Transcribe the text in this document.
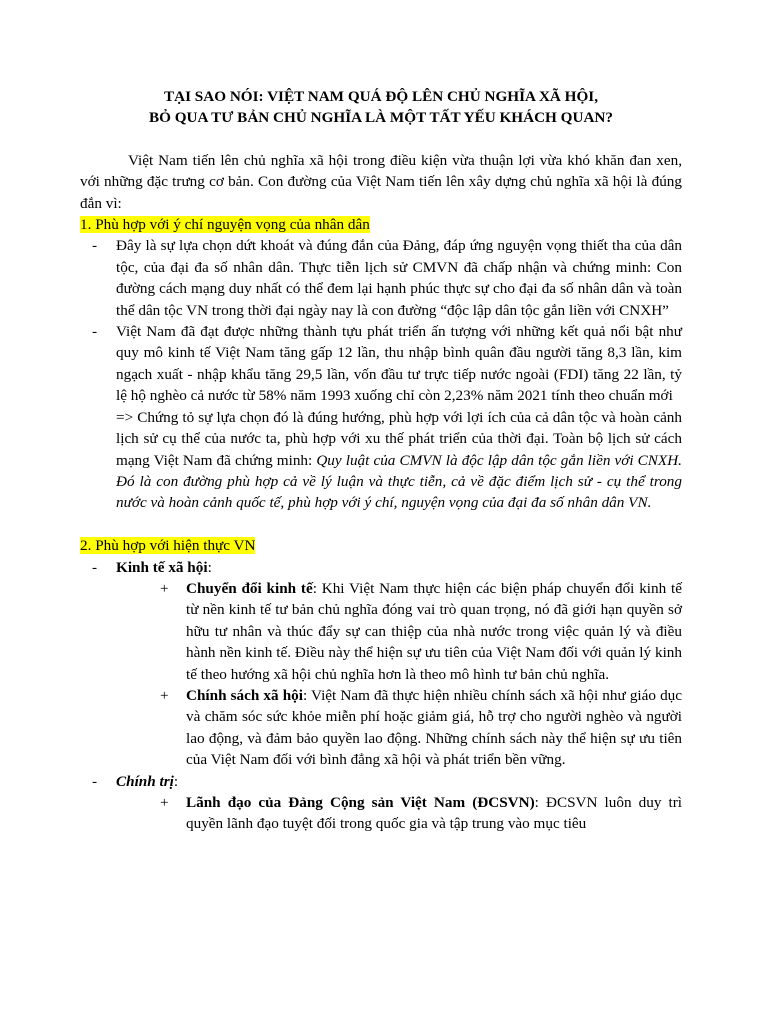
TẠI SAO NÓI: VIỆT NAM QUÁ ĐỘ LÊN CHỦ NGHĨA XÃ HỘI,
BỎ QUA TƯ BẢN CHỦ NGHĨA LÀ MỘT TẤT YẾU KHÁCH QUAN?

Việt Nam tiến lên chủ nghĩa xã hội trong điều kiện vừa thuận lợi vừa khó khăn đan xen, với những đặc trưng cơ bản. Con đường của Việt Nam tiến lên xây dựng chủ nghĩa xã hội là đúng đắn vì:

1. Phù hợp với ý chí nguyện vọng của nhân dân
- Đây là sự lựa chọn dứt khoát và đúng đắn của Đảng, đáp ứng nguyện vọng thiết tha của dân tộc, của đại đa số nhân dân. Thực tiễn lịch sử CMVN đã chấp nhận và chứng minh: Con đường cách mạng duy nhất có thể đem lại hạnh phúc thực sự cho đại đa số nhân dân và toàn thể dân tộc VN trong thời đại ngày nay là con đường “độc lập dân tộc gắn liền với CNXH”
- Việt Nam đã đạt được những thành tựu phát triển ấn tượng với những kết quả nổi bật như quy mô kinh tế Việt Nam tăng gấp 12 lần, thu nhập bình quân đầu người tăng 8,3 lần, kim ngạch xuất - nhập khẩu tăng 29,5 lần, vốn đầu tư trực tiếp nước ngoài (FDI) tăng 22 lần, tỷ lệ hộ nghèo cả nước từ 58% năm 1993 xuống chỉ còn 2,23% năm 2021 tính theo chuẩn mới
=> Chứng tỏ sự lựa chọn đó là đúng hướng, phù hợp với lợi ích của cả dân tộc và hoàn cảnh lịch sử cụ thể của nước ta, phù hợp với xu thế phát triển của thời đại. Toàn bộ lịch sử cách mạng Việt Nam đã chứng minh: Quy luật của CMVN là độc lập dân tộc gắn liền với CNXH. Đó là con đường phù hợp cả về lý luận và thực tiễn, cả về đặc điểm lịch sử - cụ thể trong nước và hoàn cảnh quốc tế, phù hợp với ý chí, nguyện vọng của đại đa số nhân dân VN.
2. Phù hợp với hiện thực VN
- Kinh tế xã hội:
+ Chuyển đổi kinh tế: Khi Việt Nam thực hiện các biện pháp chuyển đổi kinh tế từ nền kinh tế tư bản chủ nghĩa đóng vai trò quan trọng, nó đã giới hạn quyền sở hữu tư nhân và thúc đẩy sự can thiệp của nhà nước trong việc quản lý và điều hành nền kinh tế. Điều này thể hiện sự ưu tiên của Việt Nam đối với quản lý kinh tế theo hướng xã hội chủ nghĩa hơn là theo mô hình tư bản chủ nghĩa.
+ Chính sách xã hội: Việt Nam đã thực hiện nhiều chính sách xã hội như giáo dục và chăm sóc sức khỏe miễn phí hoặc giảm giá, hỗ trợ cho người nghèo và người lao động, và đảm bảo quyền lao động. Những chính sách này thể hiện sự ưu tiên của Việt Nam đối với bình đẳng xã hội và phát triển bền vững.
- Chính trị:
+ Lãnh đạo của Đảng Cộng sản Việt Nam (ĐCSVN): ĐCSVN luôn duy trì quyền lãnh đạo tuyệt đối trong quốc gia và tập trung vào mục tiêu
